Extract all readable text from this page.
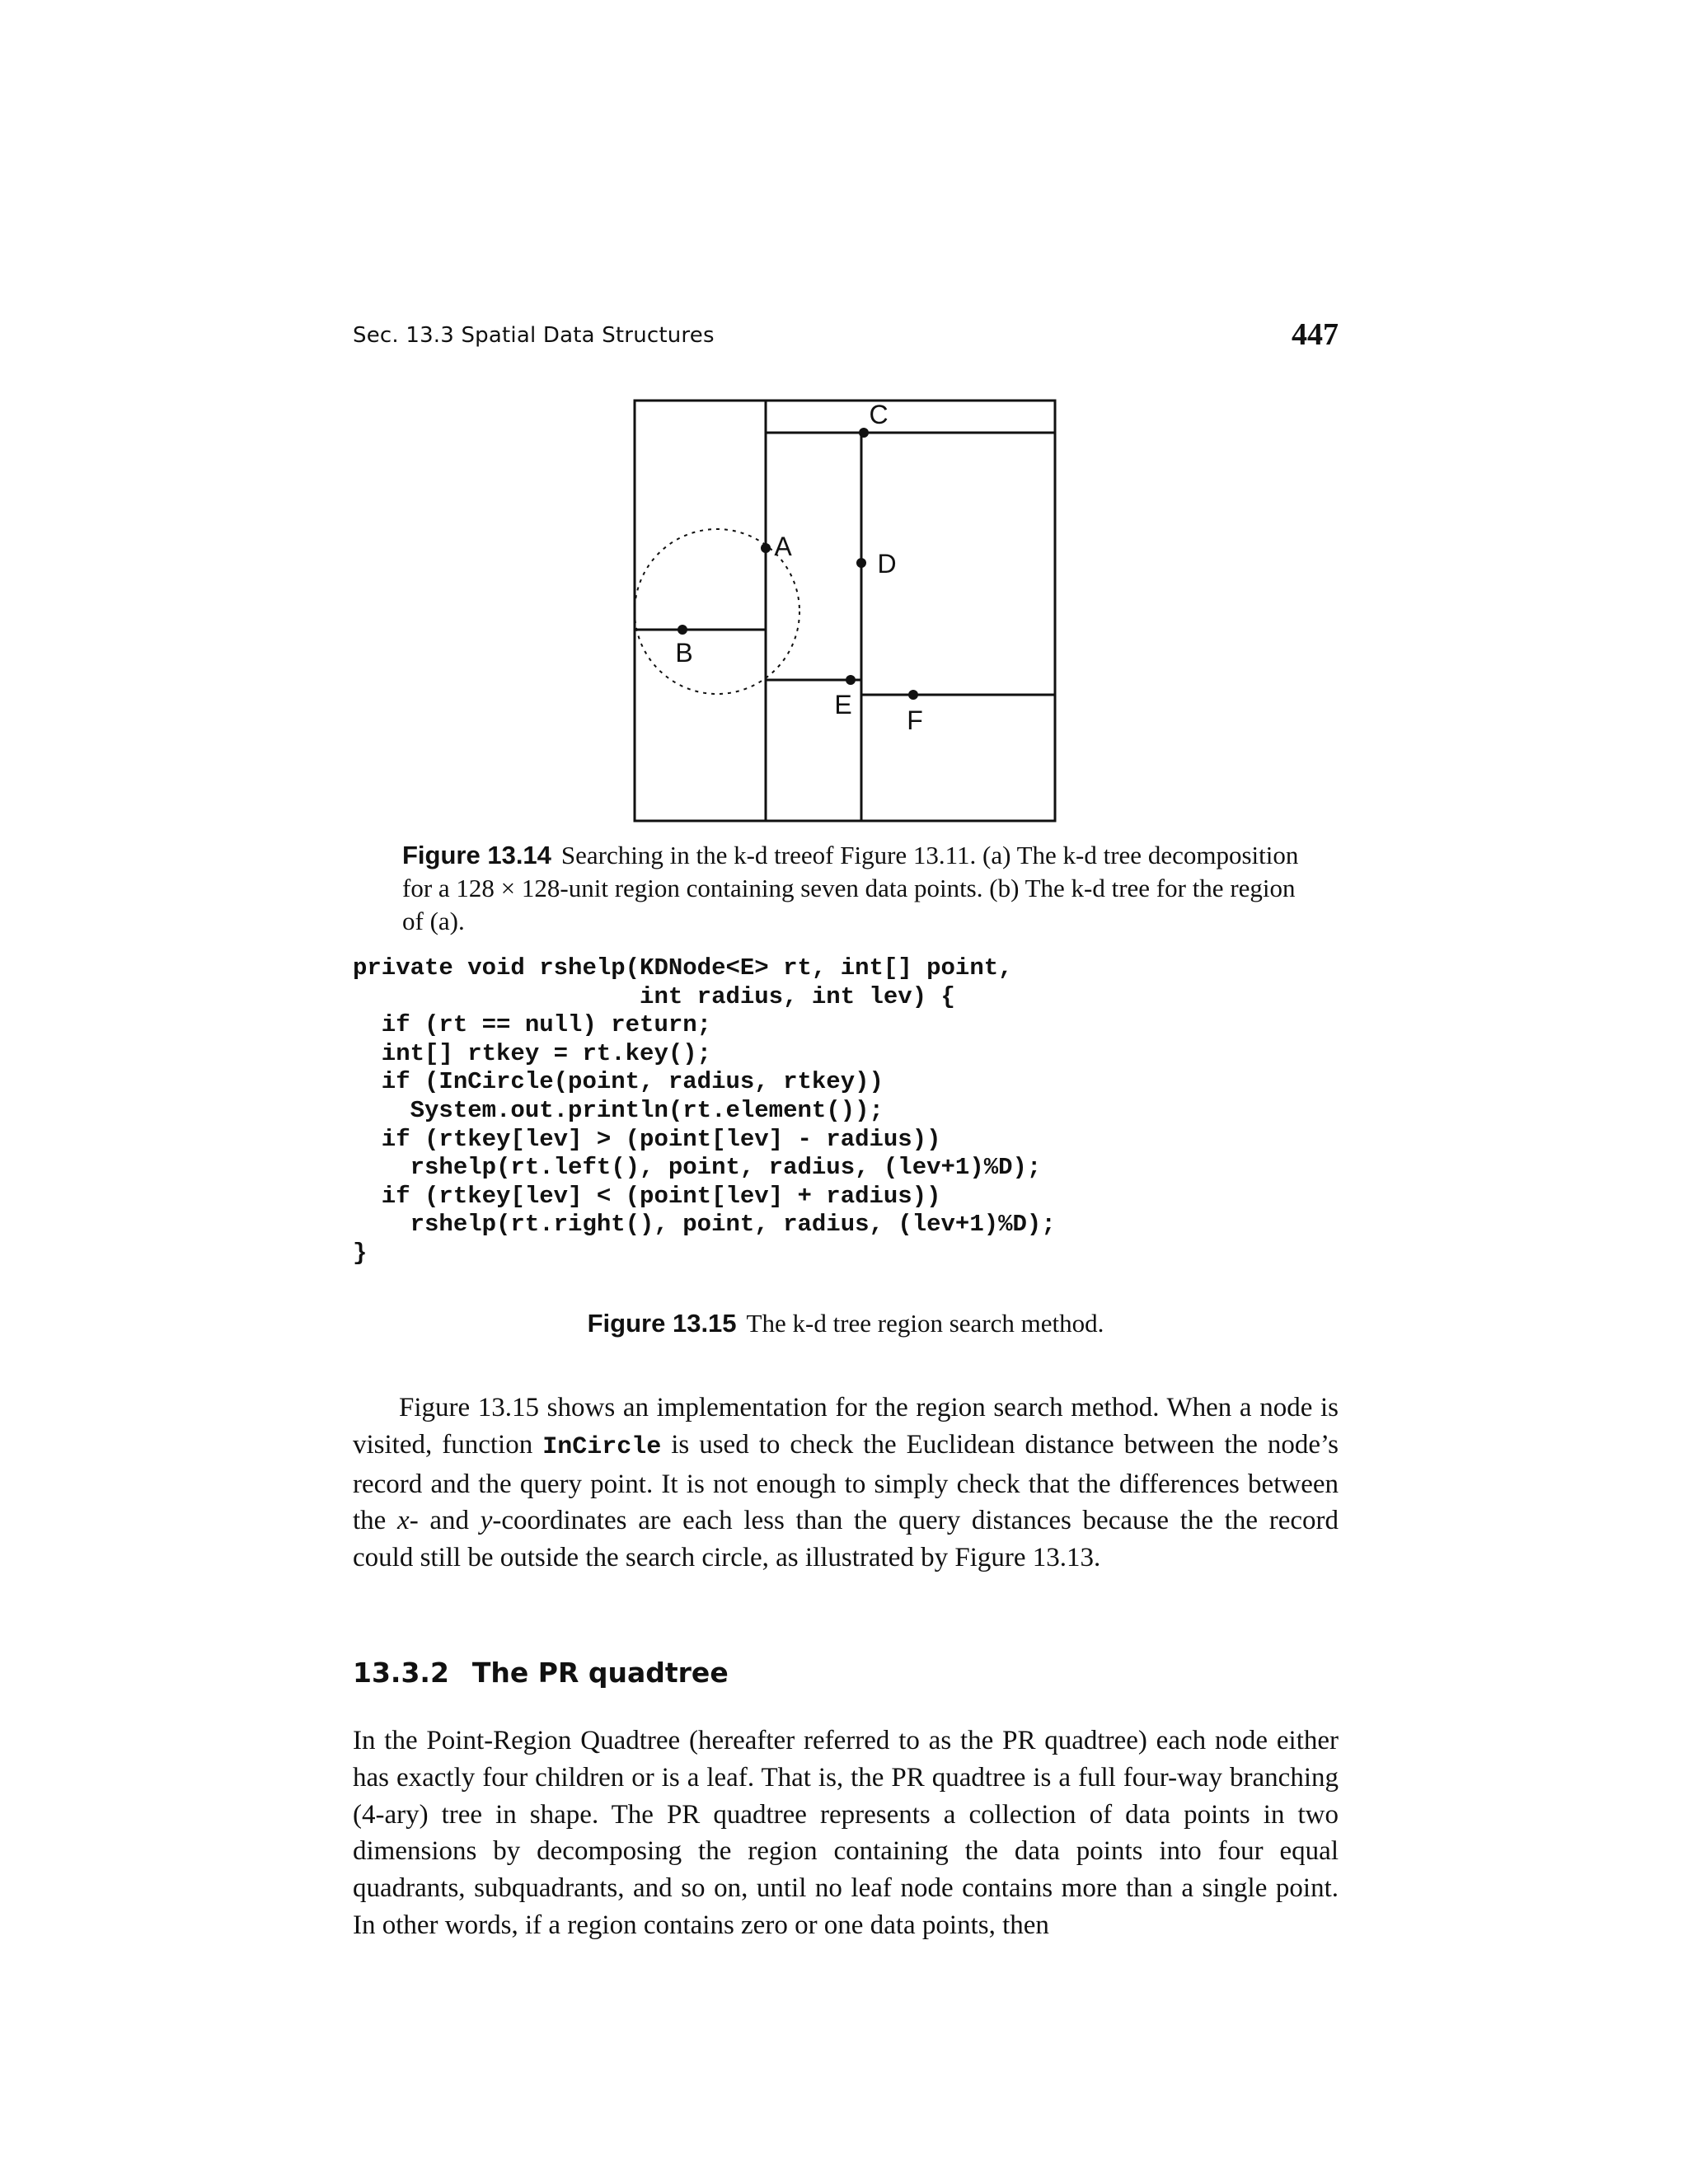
Sec. 13.3 Spatial Data Structures	447
A
B
C
D
E
F
Figure 13.14 Searching in the k-d treeof Figure 13.11. (a) The k-d tree decomposition for a 128 × 128-unit region containing seven data points. (b) The k-d tree for the region of (a).
private void rshelp(KDNode<E> rt, int[] point,
int radius, int lev) {
if (rt == null) return;
int[] rtkey = rt.key();
if (InCircle(point, radius, rtkey))
System.out.println(rt.element());
if (rtkey[lev] > (point[lev] - radius))
rshelp(rt.left(), point, radius, (lev+1)%D);
if (rtkey[lev] < (point[lev] + radius))
rshelp(rt.right(), point, radius, (lev+1)%D);
}
Figure 13.15 The k-d tree region search method.

Figure 13.15 shows an implementation for the region search method. When a node is visited, function InCircle is used to check the Euclidean distance between the node’s record and the query point. It is not enough to simply check that the differences between the x- and y-coordinates are each less than the query distances because the the record could still be outside the search circle, as illustrated by Figure 13.13.

13.3.2 The PR quadtree

In the Point-Region Quadtree (hereafter referred to as the PR quadtree) each node either has exactly four children or is a leaf. That is, the PR quadtree is a full four-way branching (4-ary) tree in shape. The PR quadtree represents a collection of data points in two dimensions by decomposing the region containing the data points into four equal quadrants, subquadrants, and so on, until no leaf node contains more than a single point. In other words, if a region contains zero or one data points, then
